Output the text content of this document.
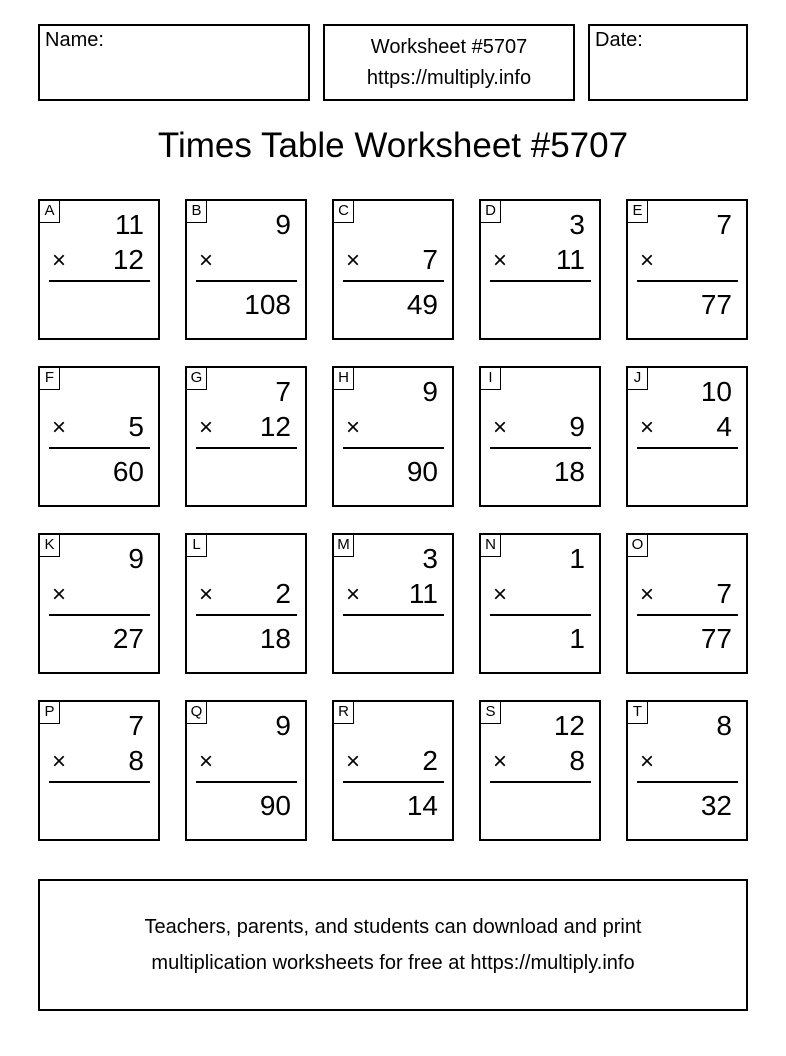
Name:	Worksheet #5707
https://multiply.info
Date:
Times Table Worksheet #5707
A 11
× 12
B	9
×
108
C
× 7
49
D	3
× 11
E	7
×
77
F
× 5
60
G	7
× 12
H	9
×
90
I
× 9
18
J 10
× 4
K	9
×
27
L
× 2
18
M	3
× 11
N	1
×
1
O
× 7
77
P	7
× 8
Q	9
×
90
R
× 2
14
S 12
× 8
T	8
×
32
Teachers, parents, and students can download and print
multiplication worksheets for free at https://multiply.info
